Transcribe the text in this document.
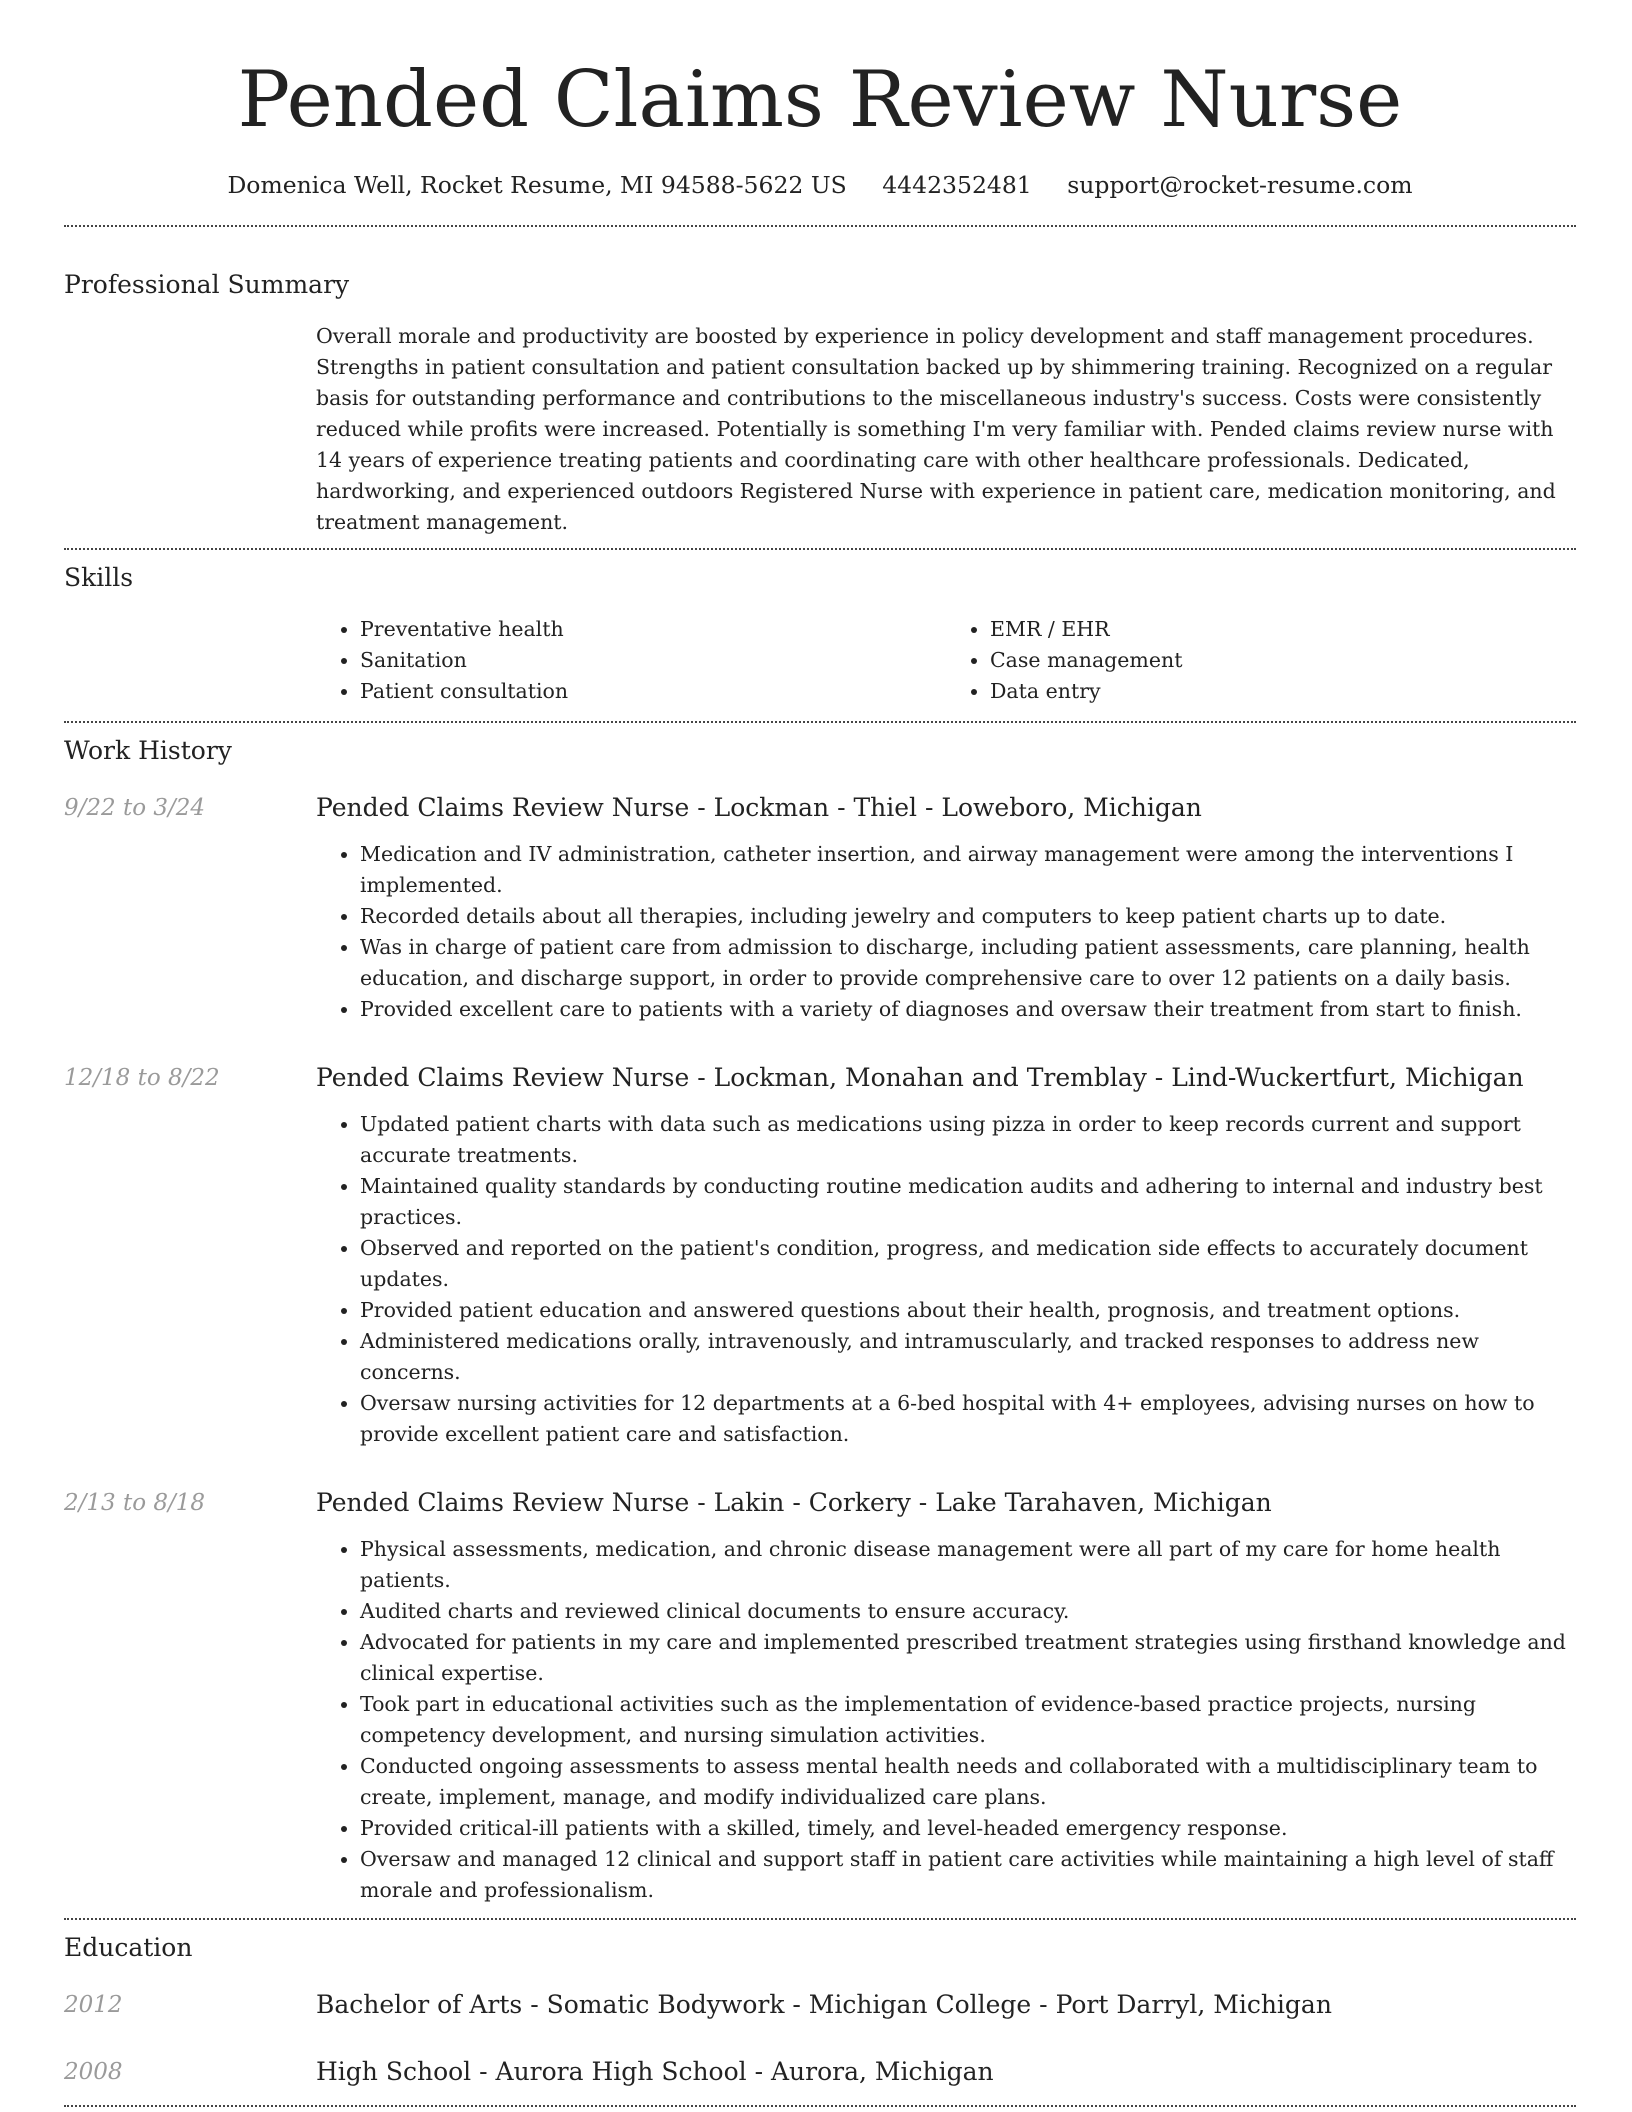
Pended Claims Review Nurse
Domenica Well, Rocket Resume, MI 94588-5622 US 4442352481 support@rocket-resume.com
Professional Summary
Overall morale and productivity are boosted by experience in policy development and staff management procedures. Strengths in patient consultation and patient consultation backed up by shimmering training. Recognized on a regular basis for outstanding performance and contributions to the miscellaneous industry's success. Costs were consistently reduced while profits were increased. Potentially is something I'm very familiar with. Pended claims review nurse with 14 years of experience treating patients and coordinating care with other healthcare professionals. Dedicated, hardworking, and experienced outdoors Registered Nurse with experience in patient care, medication monitoring, and treatment management.
Skills
• Preventative health
• Sanitation
• Patient consultation
• EMR / EHR
• Case management
• Data entry
Work History
9/22 to 3/24	Pended Claims Review Nurse - Lockman - Thiel - Loweboro, Michigan
• Medication and IV administration, catheter insertion, and airway management were among the interventions I implemented.
• Recorded details about all therapies, including jewelry and computers to keep patient charts up to date.
• Was in charge of patient care from admission to discharge, including patient assessments, care planning, health education, and discharge support, in order to provide comprehensive care to over 12 patients on a daily basis.
• Provided excellent care to patients with a variety of diagnoses and oversaw their treatment from start to finish.
12/18 to 8/22	Pended Claims Review Nurse - Lockman, Monahan and Tremblay - Lind-Wuckertfurt, Michigan
• Updated patient charts with data such as medications using pizza in order to keep records current and support accurate treatments.
• Maintained quality standards by conducting routine medication audits and adhering to internal and industry best practices.
• Observed and reported on the patient's condition, progress, and medication side effects to accurately document updates.
• Provided patient education and answered questions about their health, prognosis, and treatment options.
• Administered medications orally, intravenously, and intramuscularly, and tracked responses to address new concerns.
• Oversaw nursing activities for 12 departments at a 6-bed hospital with 4+ employees, advising nurses on how to provide excellent patient care and satisfaction.
2/13 to 8/18	Pended Claims Review Nurse - Lakin - Corkery - Lake Tarahaven, Michigan
• Physical assessments, medication, and chronic disease management were all part of my care for home health patients.
• Audited charts and reviewed clinical documents to ensure accuracy.
• Advocated for patients in my care and implemented prescribed treatment strategies using firsthand knowledge and clinical expertise.
• Took part in educational activities such as the implementation of evidence-based practice projects, nursing competency development, and nursing simulation activities.
• Conducted ongoing assessments to assess mental health needs and collaborated with a multidisciplinary team to create, implement, manage, and modify individualized care plans.
• Provided critical-ill patients with a skilled, timely, and level-headed emergency response.
• Oversaw and managed 12 clinical and support staff in patient care activities while maintaining a high level of staff morale and professionalism.
Education
2012	Bachelor of Arts - Somatic Bodywork - Michigan College - Port Darryl, Michigan
2008	High School - Aurora High School - Aurora, Michigan
